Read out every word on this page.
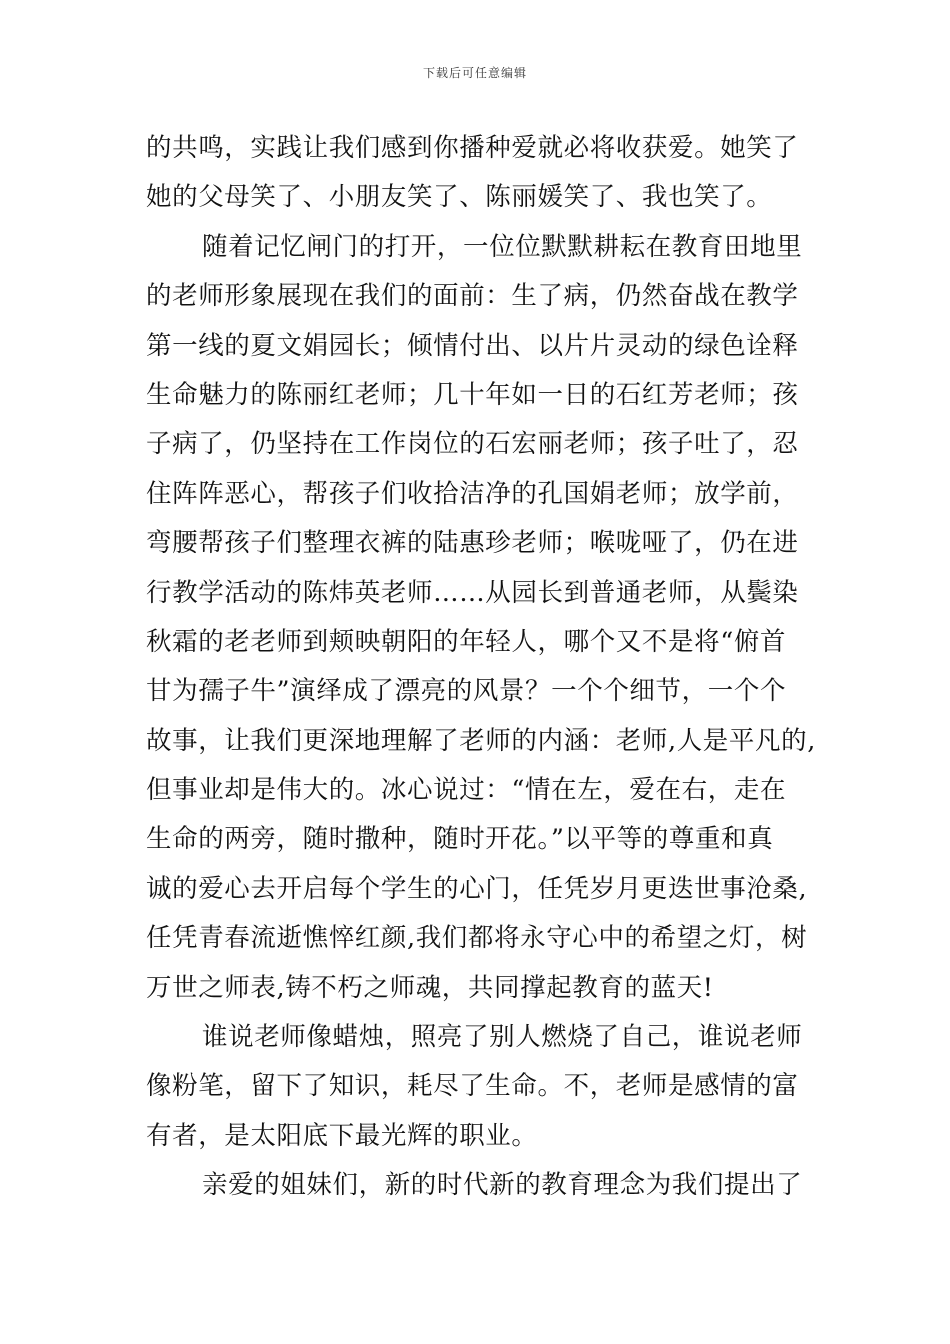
下载后可任意编辑
的共鸣，实践让我们感到你播种爱就必将收获爱。她笑了
她的父母笑了、小朋友笑了、陈丽媛笑了、我也笑了。
随着记忆闸门的打开，一位位默默耕耘在教育田地里
的老师形象展现在我们的面前：生了病，仍然奋战在教学
第一线的夏文娟园长；倾情付出、以片片灵动的绿色诠释
生命魅力的陈丽红老师；几十年如一日的石红芳老师；孩
子病了，仍坚持在工作岗位的石宏丽老师；孩子吐了，忍
住阵阵恶心，帮孩子们收拾洁净的孔国娟老师；放学前，
弯腰帮孩子们整理衣裤的陆惠珍老师；喉咙哑了，仍在进
行教学活动的陈炜英老师……从园长到普通老师，从鬓染
秋霜的老老师到颊映朝阳的年轻人，哪个又不是将“俯首
甘为孺子牛”演绎成了漂亮的风景？一个个细节，一个个
故事，让我们更深地理解了老师的内涵：老师,人是平凡的,
但事业却是伟大的。冰心说过：“情在左，爱在右，走在
生命的两旁，随时撒种，随时开花。”以平等的尊重和真
诚的爱心去开启每个学生的心门，任凭岁月更迭世事沧桑,
任凭青春流逝憔悴红颜,我们都将永守心中的希望之灯，树
万世之师表,铸不朽之师魂，共同撑起教育的蓝天!
谁说老师像蜡烛，照亮了别人燃烧了自己，谁说老师
像粉笔，留下了知识，耗尽了生命。不，老师是感情的富
有者，是太阳底下最光辉的职业。
亲爱的姐妹们，新的时代新的教育理念为我们提出了
